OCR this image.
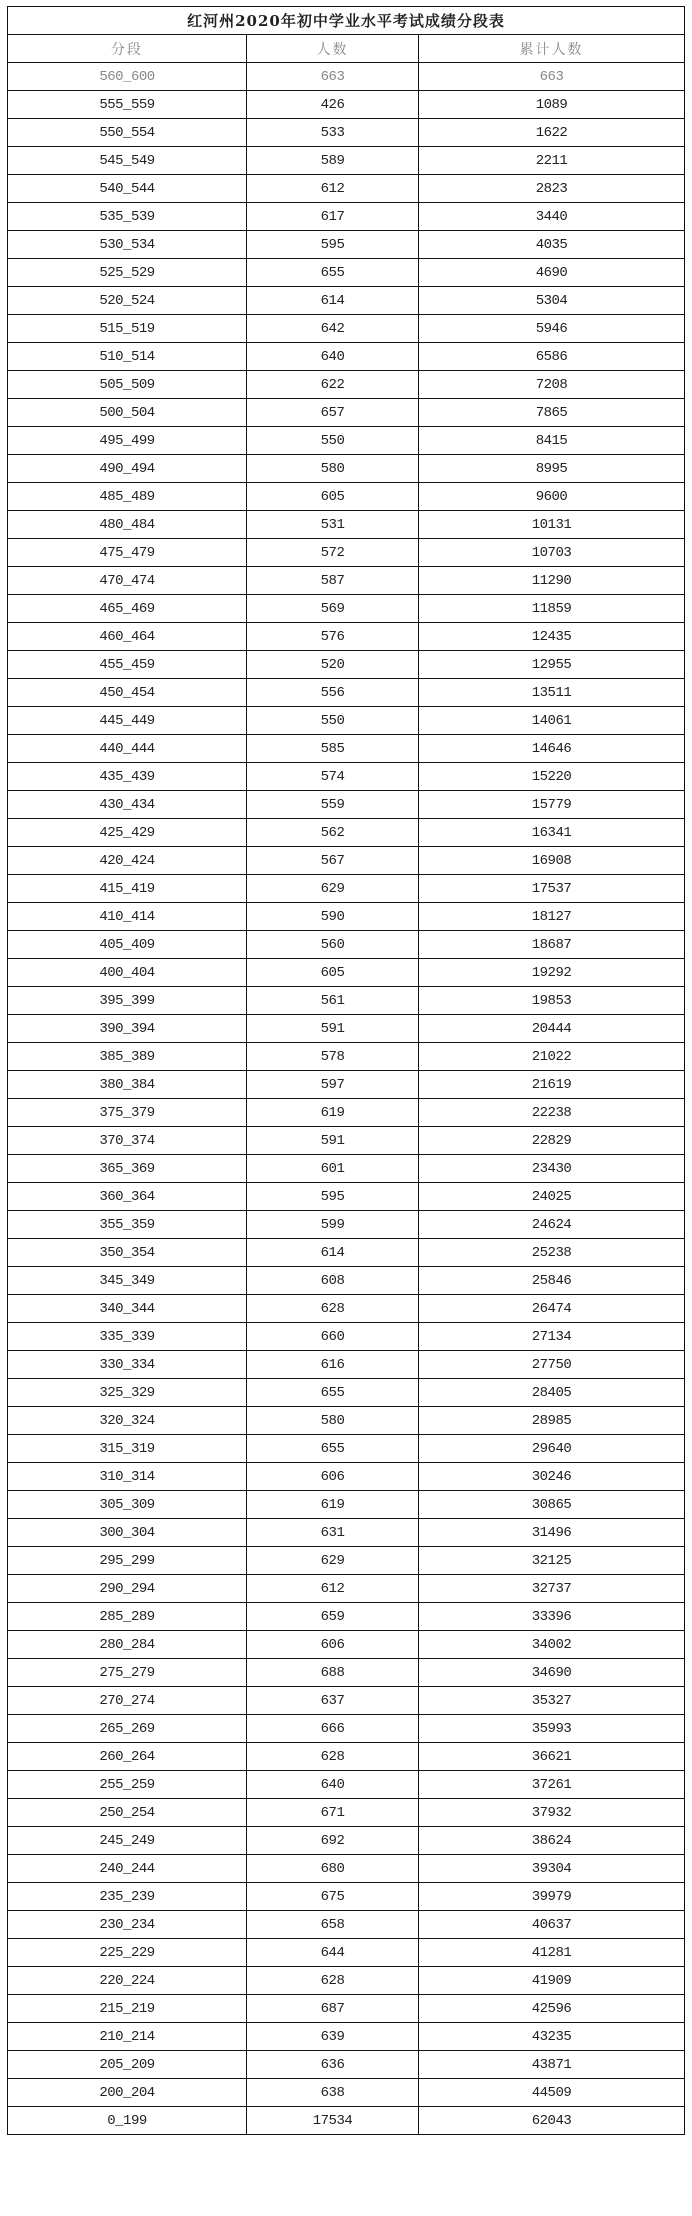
红河州2020年初中学业水平考试成绩分段表		
分段	人数	累计人数
560_600	663	663
555_559	426	1089
550_554	533	1622
545_549	589	2211
540_544	612	2823
535_539	617	3440
530_534	595	4035
525_529	655	4690
520_524	614	5304
515_519	642	5946
510_514	640	6586
505_509	622	7208
500_504	657	7865
495_499	550	8415
490_494	580	8995
485_489	605	9600
480_484	531	10131
475_479	572	10703
470_474	587	11290
465_469	569	11859
460_464	576	12435
455_459	520	12955
450_454	556	13511
445_449	550	14061
440_444	585	14646
435_439	574	15220
430_434	559	15779
425_429	562	16341
420_424	567	16908
415_419	629	17537
410_414	590	18127
405_409	560	18687
400_404	605	19292
395_399	561	19853
390_394	591	20444
385_389	578	21022
380_384	597	21619
375_379	619	22238
370_374	591	22829
365_369	601	23430
360_364	595	24025
355_359	599	24624
350_354	614	25238
345_349	608	25846
340_344	628	26474
335_339	660	27134
330_334	616	27750
325_329	655	28405
320_324	580	28985
315_319	655	29640
310_314	606	30246
305_309	619	30865
300_304	631	31496
295_299	629	32125
290_294	612	32737
285_289	659	33396
280_284	606	34002
275_279	688	34690
270_274	637	35327
265_269	666	35993
260_264	628	36621
255_259	640	37261
250_254	671	37932
245_249	692	38624
240_244	680	39304
235_239	675	39979
230_234	658	40637
225_229	644	41281
220_224	628	41909
215_219	687	42596
210_214	639	43235
205_209	636	43871
200_204	638	44509
0_199	17534	62043
